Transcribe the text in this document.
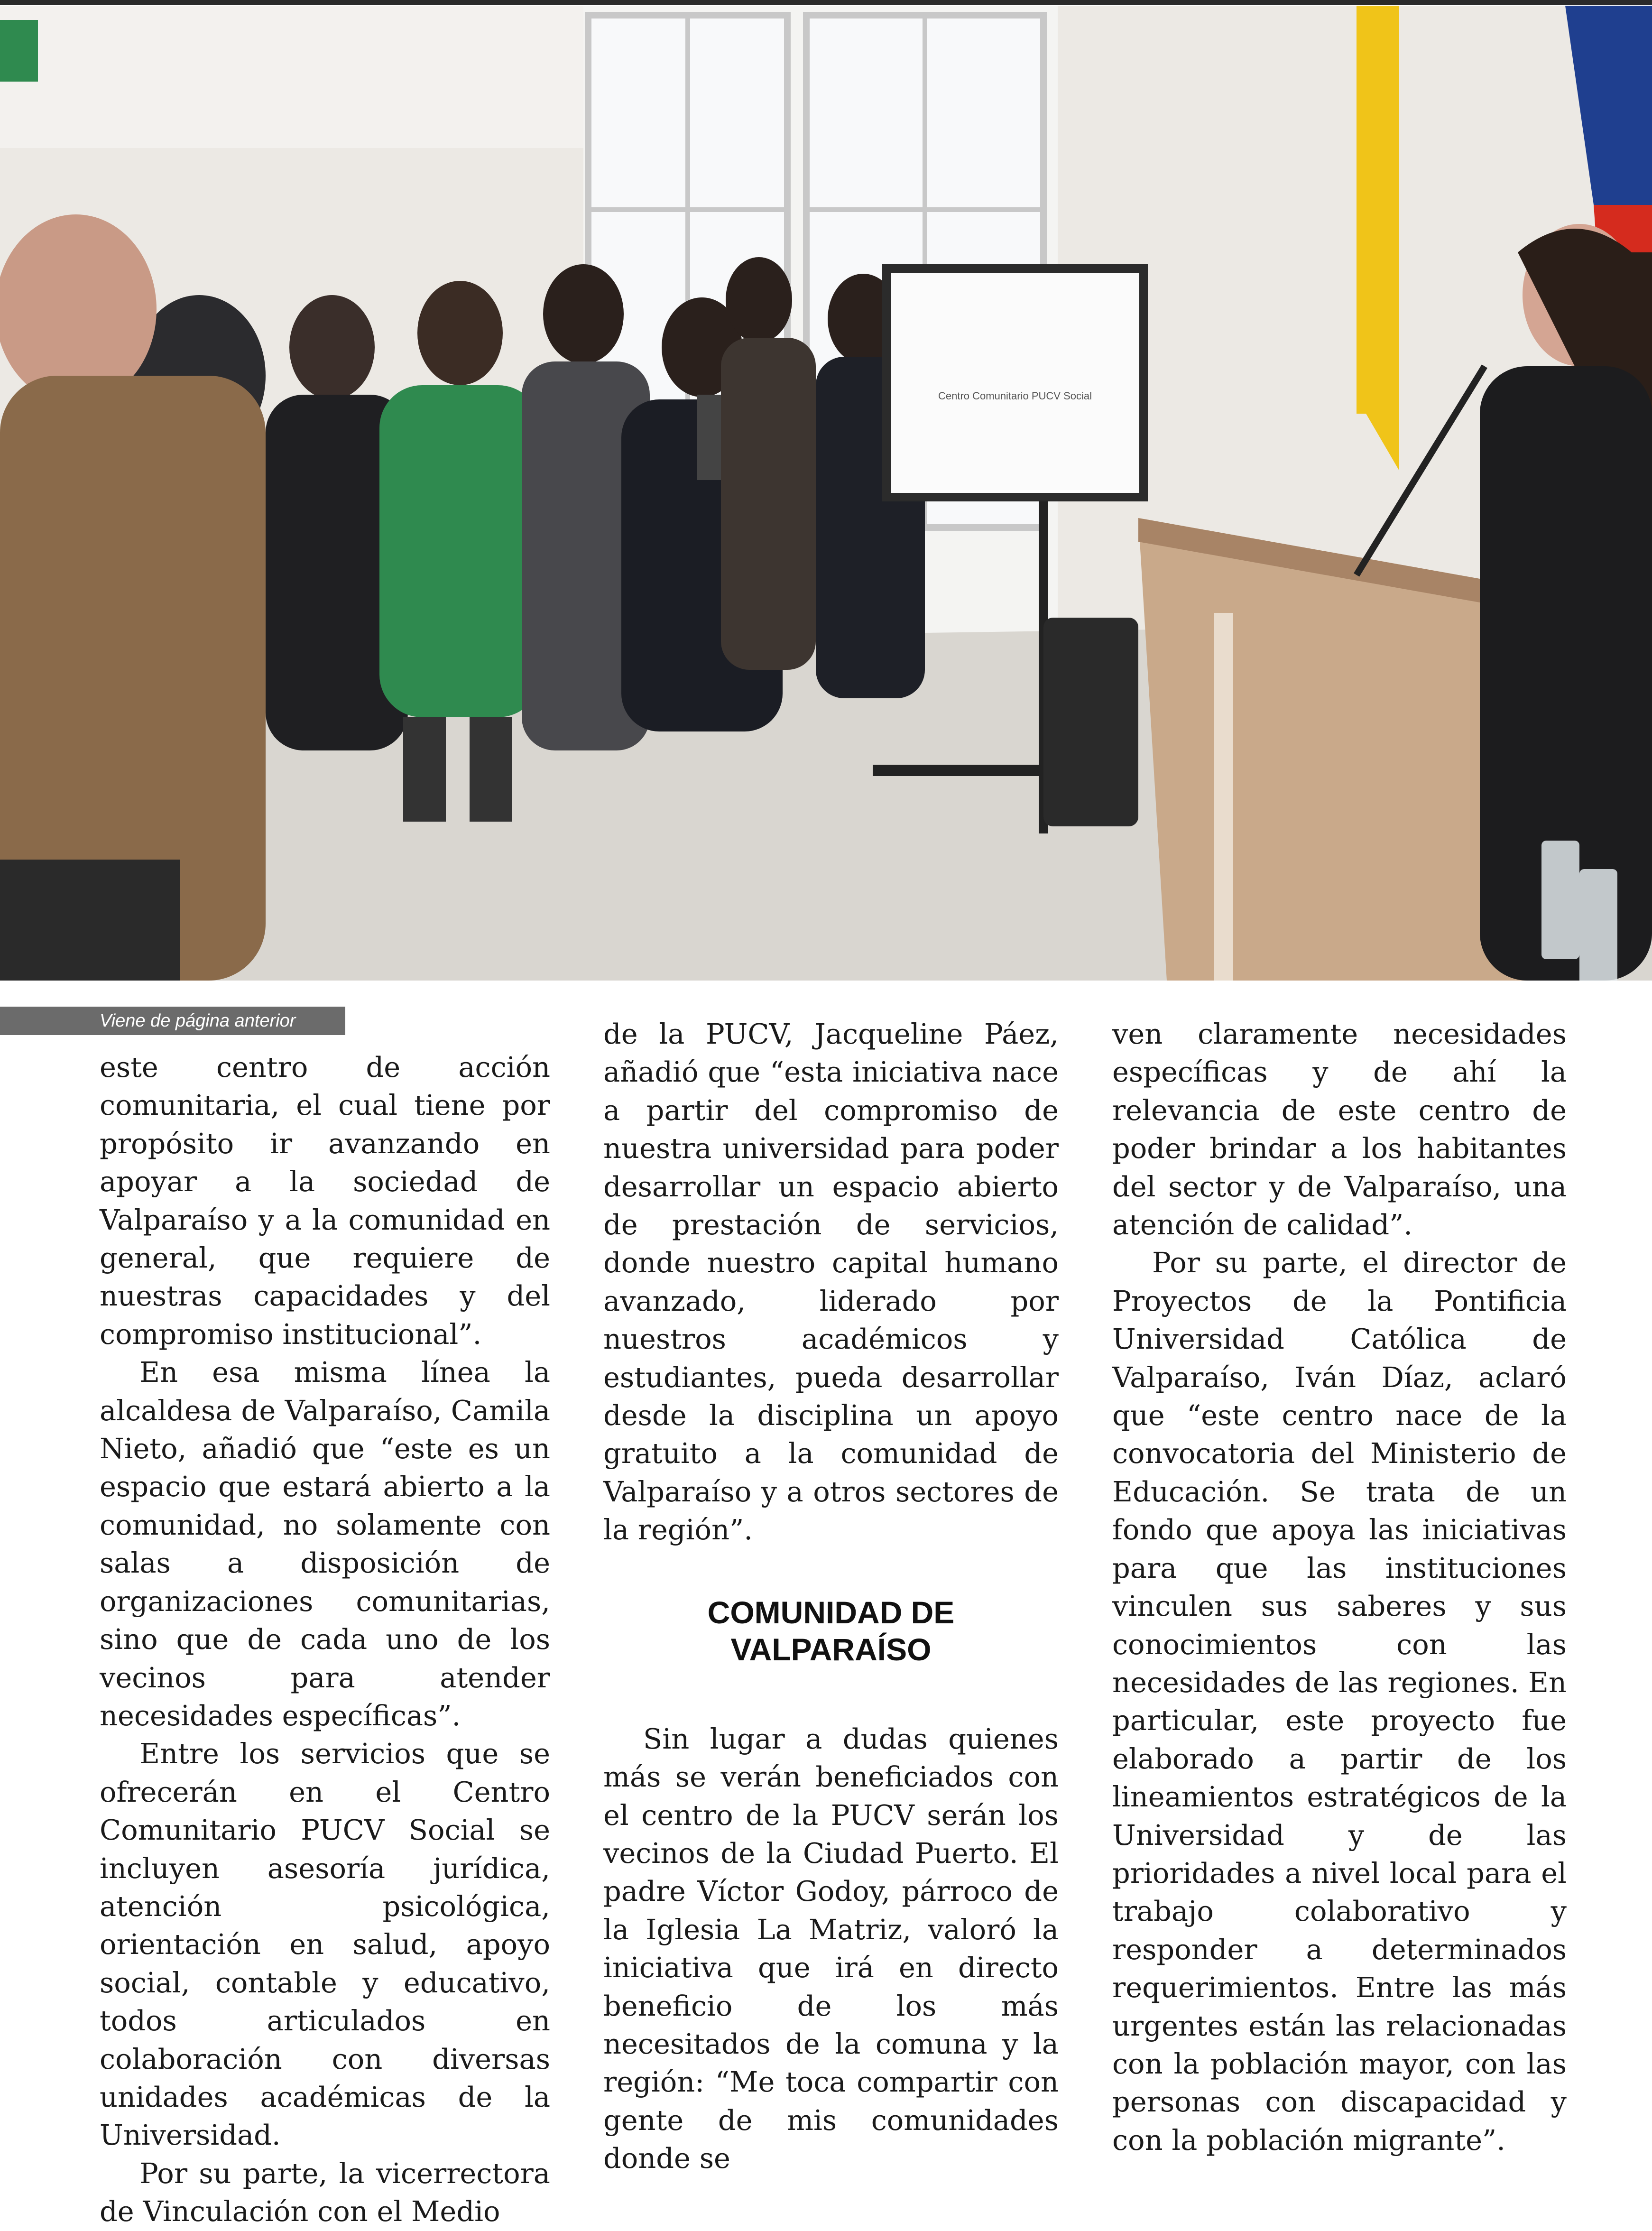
Centro Comunitario PUCV Social
Viene de página anterior

este centro de acción comunitaria, el cual tiene por propósito ir avanzando en apoyar a la sociedad de Valparaíso y a la comunidad en general, que requiere de nuestras capacidades y del compromiso institucional”.

En esa misma línea la alcaldesa de Valparaíso, Camila Nieto, añadió que “este es un espacio que estará abierto a la comunidad, no solamente con salas a disposición de organizaciones comunitarias, sino que de cada uno de los vecinos para atender necesidades específicas”.

Entre los servicios que se ofrecerán en el Centro Comunitario PUCV Social se incluyen asesoría jurídica, atención psicológica, orientación en salud, apoyo social, contable y educativo, todos articulados en colaboración con diversas unidades académicas de la Universidad.

Por su parte, la vicerrectora de Vinculación con el Medio

de la PUCV, Jacqueline Páez, añadió que “esta iniciativa nace a partir del compromiso de nuestra universidad para poder desarrollar un espacio abierto de prestación de servicios, donde nuestro capital humano avanzado, liderado por nuestros académicos y estudiantes, pueda desarrollar desde la disciplina un apoyo gratuito a la comunidad de Valparaíso y a otros sectores de la región”.

COMUNIDAD DE VALPARAÍSO

Sin lugar a dudas quienes más se verán beneficiados con el centro de la PUCV serán los vecinos de la Ciudad Puerto. El padre Víctor Godoy, párroco de la Iglesia La Matriz, valoró la iniciativa que irá en directo beneficio de los más necesitados de la comuna y la región: “Me toca compartir con gente de mis comunidades donde se

ven claramente necesidades específicas y de ahí la relevancia de este centro de poder brindar a los habitantes del sector y de Valparaíso, una atención de calidad”.

Por su parte, el director de Proyectos de la Pontificia Universidad Católica de Valparaíso, Iván Díaz, aclaró que “este centro nace de la convocatoria del Ministerio de Educación. Se trata de un fondo que apoya las iniciativas para que las instituciones vinculen sus saberes y sus conocimientos con las necesidades de las regiones. En particular, este proyecto fue elaborado a partir de los lineamientos estratégicos de la Universidad y de las prioridades a nivel local para el trabajo colaborativo y responder a determinados requerimientos. Entre las más urgentes están las relacionadas con la población mayor, con las personas con discapacidad y con la población migrante”.
